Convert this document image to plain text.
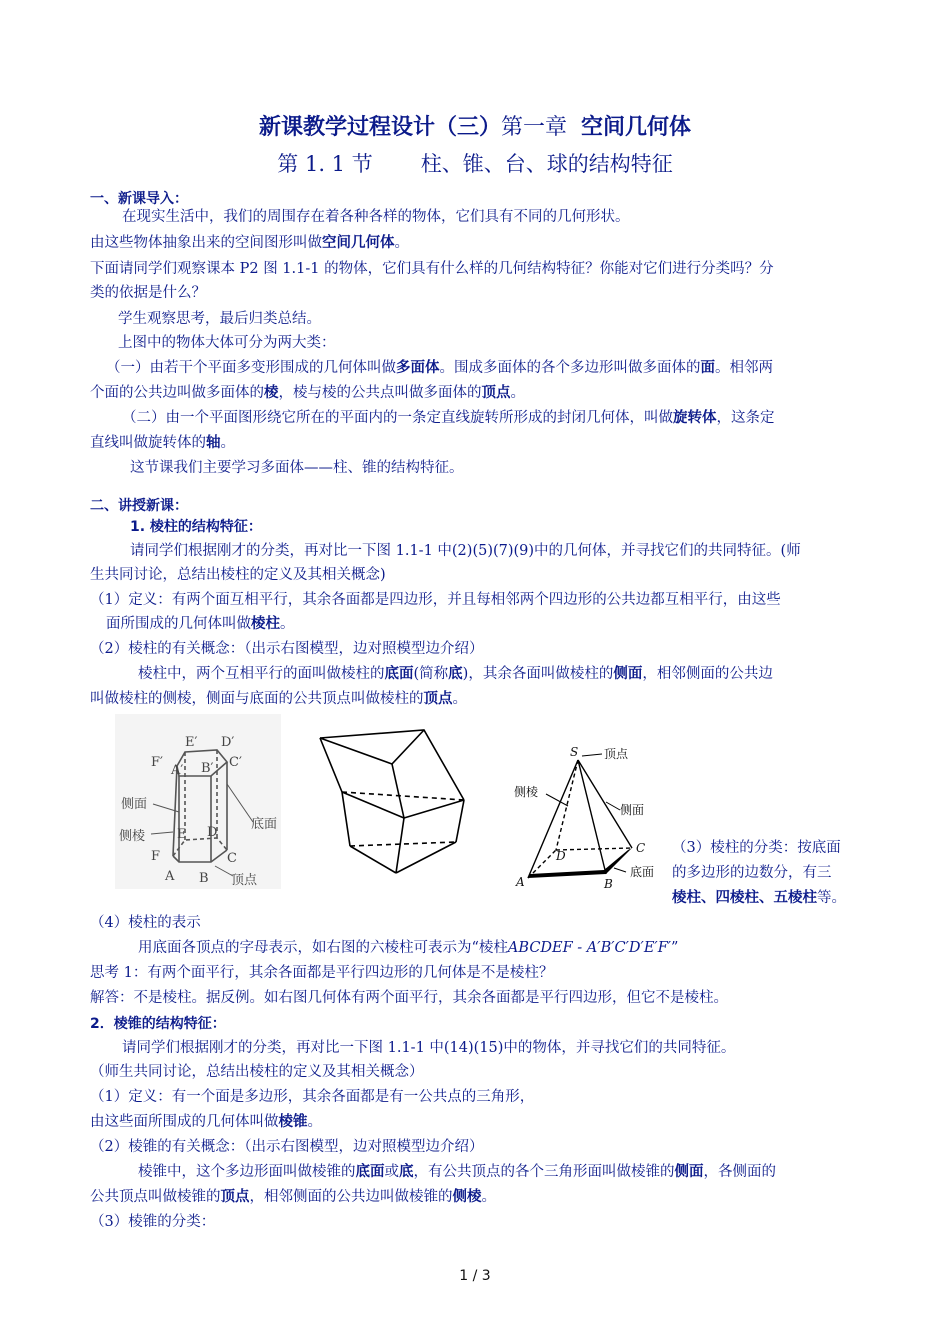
新课教学过程设计（三）第一章 空间几何体
第 1. 1 节 柱、锥、台、球的结构特征
一、新课导入：
在现实生活中，我们的周围存在着各种各样的物体，它们具有不同的几何形状。
由这些物体抽象出来的空间图形叫做空间几何体。
下面请同学们观察课本 P2 图 1.1-1 的物体，它们具有什么样的几何结构特征？你能对它们进行分类吗？分
类的依据是什么？
学生观察思考，最后归类总结。
上图中的物体大体可分为两大类：
（一）由若干个平面多变形围成的几何体叫做多面体。围成多面体的各个多边形叫做多面体的面。相邻两
个面的公共边叫做多面体的棱，棱与棱的公共点叫做多面体的顶点。
（二）由一个平面图形绕它所在的平面内的一条定直线旋转所形成的封闭几何体，叫做旋转体，这条定
直线叫做旋转体的轴。
这节课我们主要学习多面体——柱、锥的结构特征。
二、讲授新课：
1. 棱柱的结构特征：
请同学们根据刚才的分类，再对比一下图 1.1-1 中(2)(5)(7)(9)中的几何体，并寻找它们的共同特征。(师
生共同讨论，总结出棱柱的定义及其相关概念)
（1）定义：有两个面互相平行，其余各面都是四边形，并且每相邻两个四边形的公共边都互相平行，由这些
面所围成的几何体叫做棱柱。
（2）棱柱的有关概念：（出示右图模型，边对照模型边介绍）
棱柱中，两个互相平行的面叫做棱柱的底面(简称底)，其余各面叫做棱柱的侧面，相邻侧面的公共边
叫做棱柱的侧棱，侧面与底面的公共顶点叫做棱柱的顶点。
E′ D′
F′
A′ B′ C′
侧面
侧棱
底面
E D
F	C
A B 顶点
S 顶点
侧棱
侧面
D
C
A	B
底面
（3）棱柱的分类：按底面
的多边形的边数分，有三
棱柱、四棱柱、五棱柱等。
（4）棱柱的表示
用底面各顶点的字母表示，如右图的六棱柱可表示为“棱柱ABCDEF - A′B′C′D′E′F′”
思考 1：有两个面平行，其余各面都是平行四边形的几何体是不是棱柱？
解答：不是棱柱。据反例。如右图几何体有两个面平行，其余各面都是平行四边形，但它不是棱柱。
2．棱锥的结构特征：
请同学们根据刚才的分类，再对比一下图 1.1-1 中(14)(15)中的物体，并寻找它们的共同特征。
（师生共同讨论，总结出棱柱的定义及其相关概念）
（1）定义：有一个面是多边形，其余各面都是有一公共点的三角形，
由这些面所围成的几何体叫做棱锥。
（2）棱锥的有关概念：（出示右图模型，边对照模型边介绍）
棱锥中，这个多边形面叫做棱锥的底面或底，有公共顶点的各个三角形面叫做棱锥的侧面，各侧面的
公共顶点叫做棱锥的顶点，相邻侧面的公共边叫做棱锥的侧棱。
（3）棱锥的分类：
1 / 3
